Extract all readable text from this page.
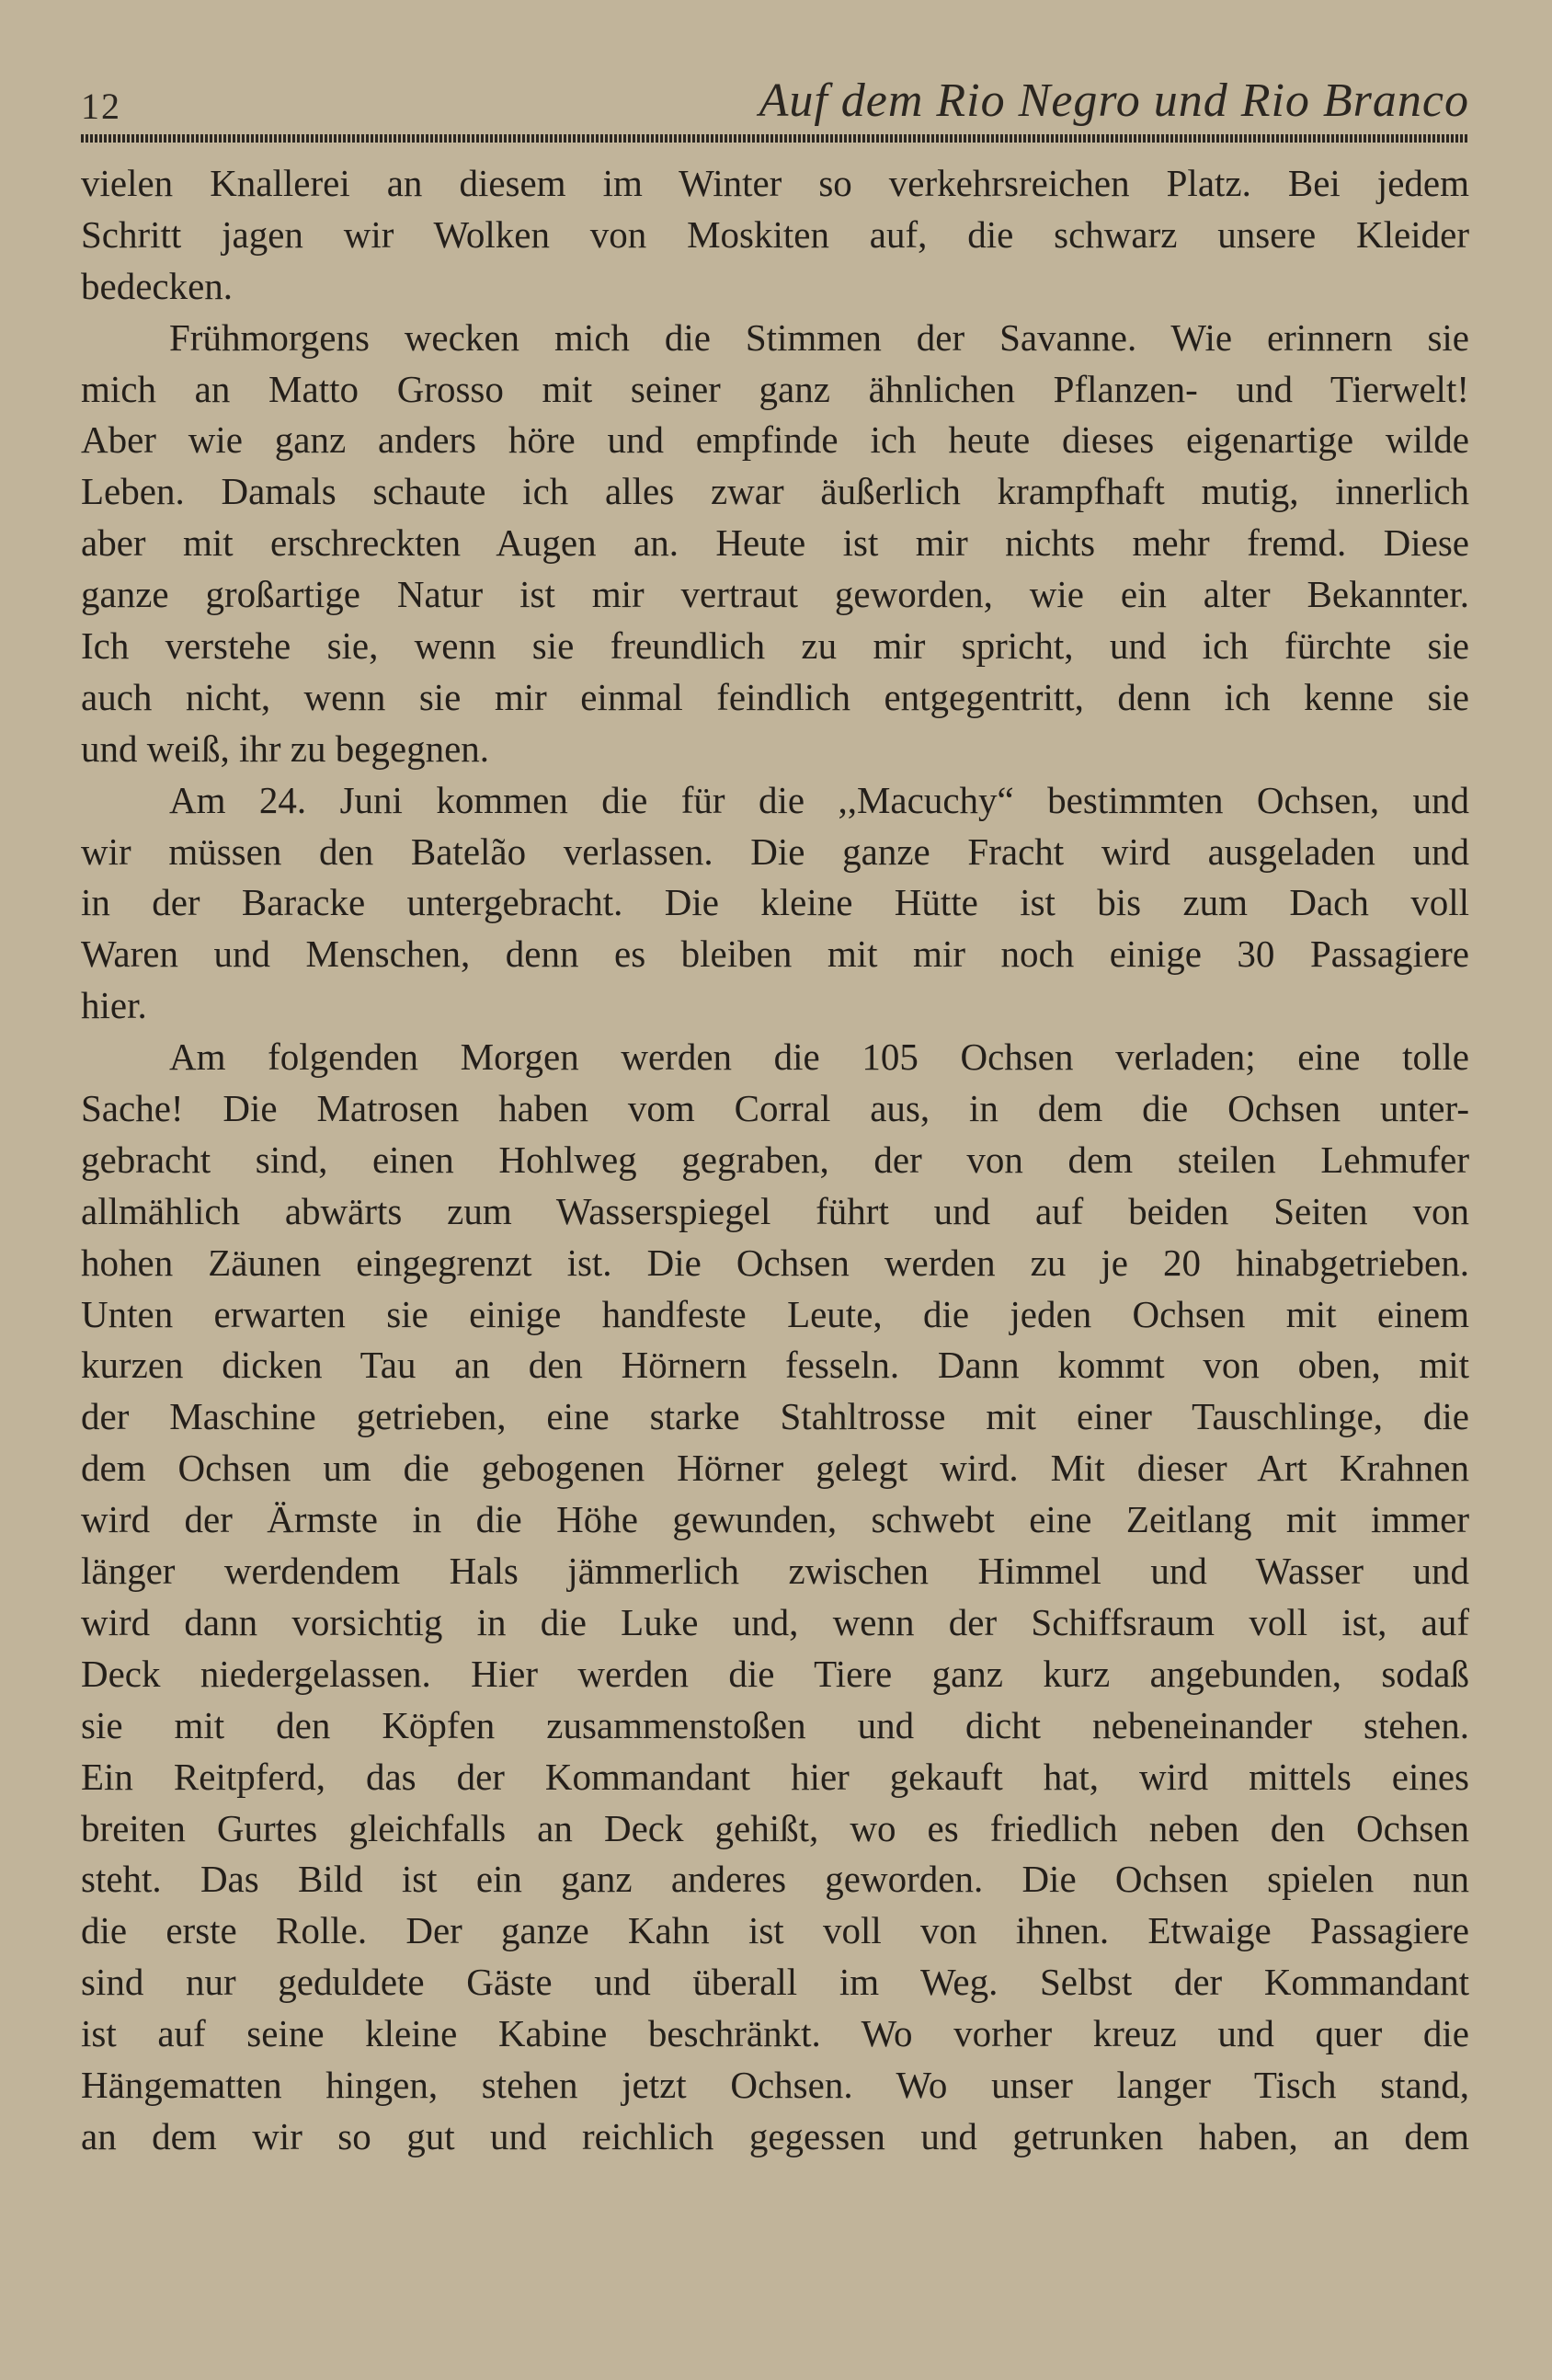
12	Auf dem Rio Negro und Rio Branco
vielen Knallerei an diesem im Winter so verkehrsreichen Platz. Bei jedem
Schritt jagen wir Wolken von Moskiten auf, die schwarz unsere Kleider
bedecken.
Frühmorgens wecken mich die Stimmen der Savanne. Wie erinnern sie
mich an Matto Grosso mit seiner ganz ähnlichen Pflanzen- und Tierwelt!
Aber wie ganz anders höre und empfinde ich heute dieses eigenartige wilde
Leben. Damals schaute ich alles zwar äußerlich krampfhaft mutig, innerlich
aber mit erschreckten Augen an. Heute ist mir nichts mehr fremd. Diese
ganze großartige Natur ist mir vertraut geworden, wie ein alter Bekannter.
Ich verstehe sie, wenn sie freundlich zu mir spricht, und ich fürchte sie
auch nicht, wenn sie mir einmal feindlich entgegentritt, denn ich kenne sie
und weiß, ihr zu begegnen.
Am 24. Juni kommen die für die ,,Macuchy“ bestimmten Ochsen, und
wir müssen den Batelão verlassen. Die ganze Fracht wird ausgeladen und
in der Baracke untergebracht. Die kleine Hütte ist bis zum Dach voll
Waren und Menschen, denn es bleiben mit mir noch einige 30 Passagiere
hier.
Am folgenden Morgen werden die 105 Ochsen verladen; eine tolle
Sache! Die Matrosen haben vom Corral aus, in dem die Ochsen unter-
gebracht sind, einen Hohlweg gegraben, der von dem steilen Lehmufer
allmählich abwärts zum Wasserspiegel führt und auf beiden Seiten von
hohen Zäunen eingegrenzt ist. Die Ochsen werden zu je 20 hinabgetrieben.
Unten erwarten sie einige handfeste Leute, die jeden Ochsen mit einem
kurzen dicken Tau an den Hörnern fesseln. Dann kommt von oben, mit
der Maschine getrieben, eine starke Stahltrosse mit einer Tauschlinge, die
dem Ochsen um die gebogenen Hörner gelegt wird. Mit dieser Art Krahnen
wird der Ärmste in die Höhe gewunden, schwebt eine Zeitlang mit immer
länger werdendem Hals jämmerlich zwischen Himmel und Wasser und
wird dann vorsichtig in die Luke und, wenn der Schiffsraum voll ist, auf
Deck niedergelassen. Hier werden die Tiere ganz kurz angebunden, sodaß
sie mit den Köpfen zusammenstoßen und dicht nebeneinander stehen.
Ein Reitpferd, das der Kommandant hier gekauft hat, wird mittels eines
breiten Gurtes gleichfalls an Deck gehißt, wo es friedlich neben den Ochsen
steht. Das Bild ist ein ganz anderes geworden. Die Ochsen spielen nun
die erste Rolle. Der ganze Kahn ist voll von ihnen. Etwaige Passagiere
sind nur geduldete Gäste und überall im Weg. Selbst der Kommandant
ist auf seine kleine Kabine beschränkt. Wo vorher kreuz und quer die
Hängematten hingen, stehen jetzt Ochsen. Wo unser langer Tisch stand,
an dem wir so gut und reichlich gegessen und getrunken haben, an dem
